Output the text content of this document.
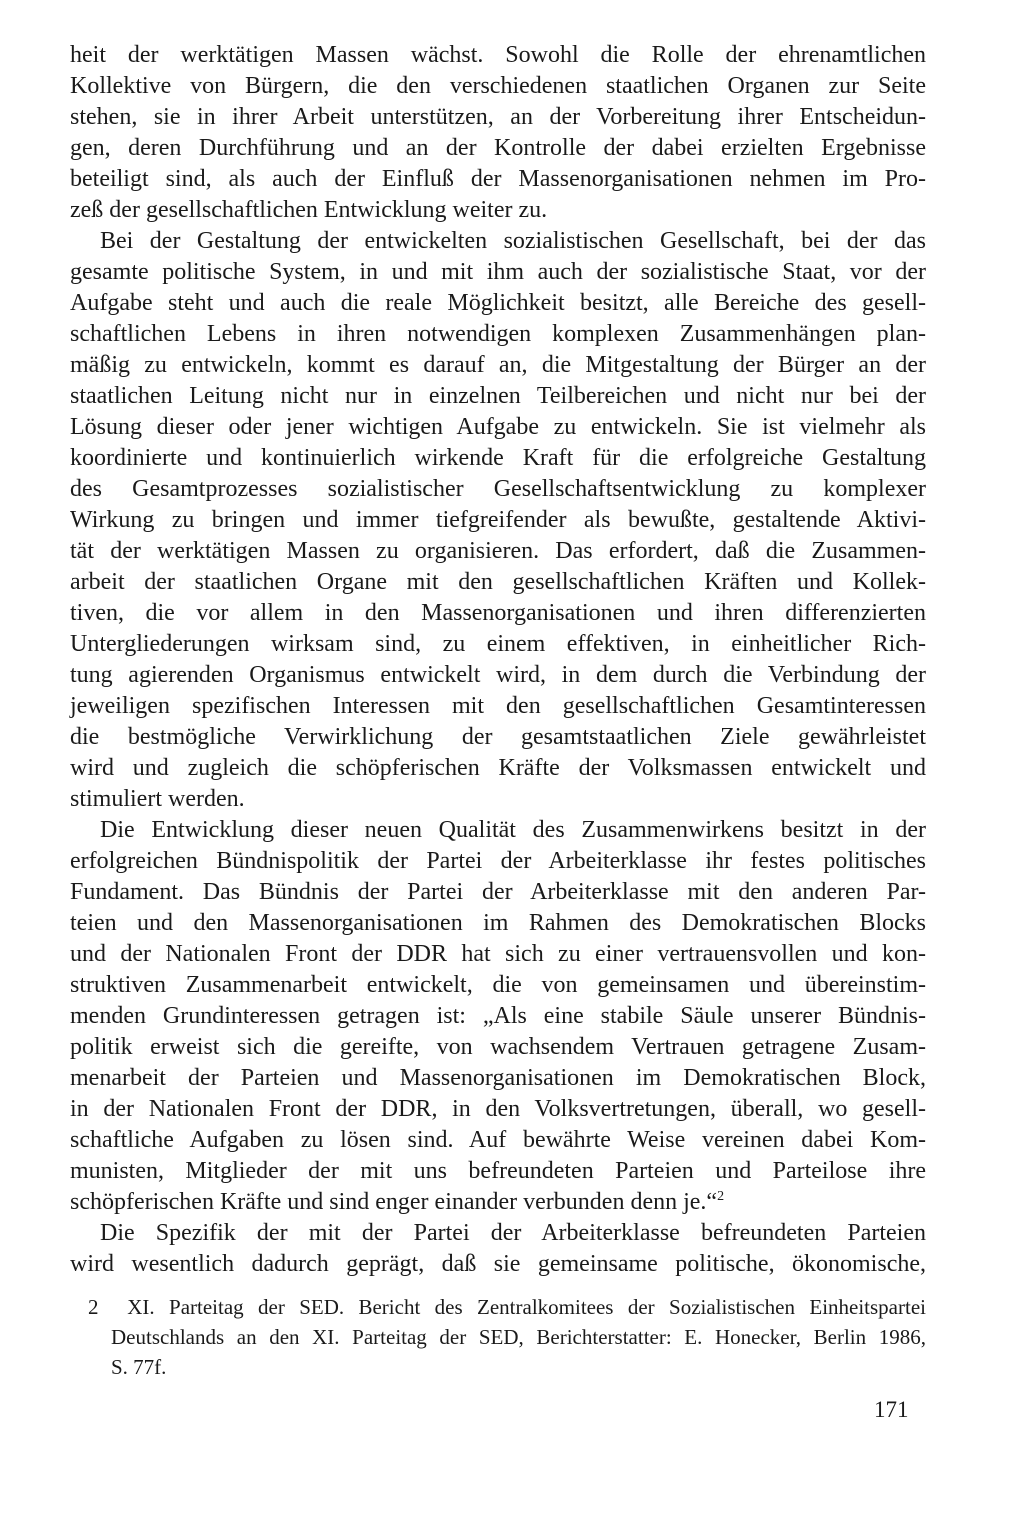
heit der werktätigen Massen wächst. Sowohl die Rolle der ehrenamtlichen
Kollektive von Bürgern, die den verschiedenen staatlichen Organen zur Seite
stehen, sie in ihrer Arbeit unterstützen, an der Vorbereitung ihrer Entscheidun-
gen, deren Durchführung und an der Kontrolle der dabei erzielten Ergebnisse
beteiligt sind, als auch der Einfluß der Massenorganisationen nehmen im Pro-
zeß der gesellschaftlichen Entwicklung weiter zu.

Bei der Gestaltung der entwickelten sozialistischen Gesellschaft, bei der das
gesamte politische System, in und mit ihm auch der sozialistische Staat, vor der
Aufgabe steht und auch die reale Möglichkeit besitzt, alle Bereiche des gesell-
schaftlichen Lebens in ihren notwendigen komplexen Zusammenhängen plan-
mäßig zu entwickeln, kommt es darauf an, die Mitgestaltung der Bürger an der
staatlichen Leitung nicht nur in einzelnen Teilbereichen und nicht nur bei der
Lösung dieser oder jener wichtigen Aufgabe zu entwickeln. Sie ist vielmehr als
koordinierte und kontinuierlich wirkende Kraft für die erfolgreiche Gestaltung
des Gesamtprozesses sozialistischer Gesellschaftsentwicklung zu komplexer
Wirkung zu bringen und immer tiefgreifender als bewußte, gestaltende Aktivi-
tät der werktätigen Massen zu organisieren. Das erfordert, daß die Zusammen-
arbeit der staatlichen Organe mit den gesellschaftlichen Kräften und Kollek-
tiven, die vor allem in den Massenorganisationen und ihren differenzierten
Untergliederungen wirksam sind, zu einem effektiven, in einheitlicher Rich-
tung agierenden Organismus entwickelt wird, in dem durch die Verbindung der
jeweiligen spezifischen Interessen mit den gesellschaftlichen Gesamtinteressen
die bestmögliche Verwirklichung der gesamtstaatlichen Ziele gewährleistet
wird und zugleich die schöpferischen Kräfte der Volksmassen entwickelt und
stimuliert werden.

Die Entwicklung dieser neuen Qualität des Zusammenwirkens besitzt in der
erfolgreichen Bündnispolitik der Partei der Arbeiterklasse ihr festes politisches
Fundament. Das Bündnis der Partei der Arbeiterklasse mit den anderen Par-
teien und den Massenorganisationen im Rahmen des Demokratischen Blocks
und der Nationalen Front der DDR hat sich zu einer vertrauensvollen und kon-
struktiven Zusammenarbeit entwickelt, die von gemeinsamen und übereinstim-
menden Grundinteressen getragen ist: „Als eine stabile Säule unserer Bündnis-
politik erweist sich die gereifte, von wachsendem Vertrauen getragene Zusam-
menarbeit der Parteien und Massenorganisationen im Demokratischen Block,
in der Nationalen Front der DDR, in den Volksvertretungen, überall, wo gesell-
schaftliche Aufgaben zu lösen sind. Auf bewährte Weise vereinen dabei Kom-
munisten, Mitglieder der mit uns befreundeten Parteien und Parteilose ihre
schöpferischen Kräfte und sind enger einander verbunden denn je.“$^2$

Die Spezifik der mit der Partei der Arbeiterklasse befreundeten Parteien
wird wesentlich dadurch geprägt, daß sie gemeinsame politische, ökonomische,

2 XI. Parteitag der SED. Bericht des Zentralkomitees der Sozialistischen Einheitspartei
Deutschlands an den XI. Parteitag der SED, Berichterstatter: E. Honecker, Berlin 1986,
S. 77f.
171
